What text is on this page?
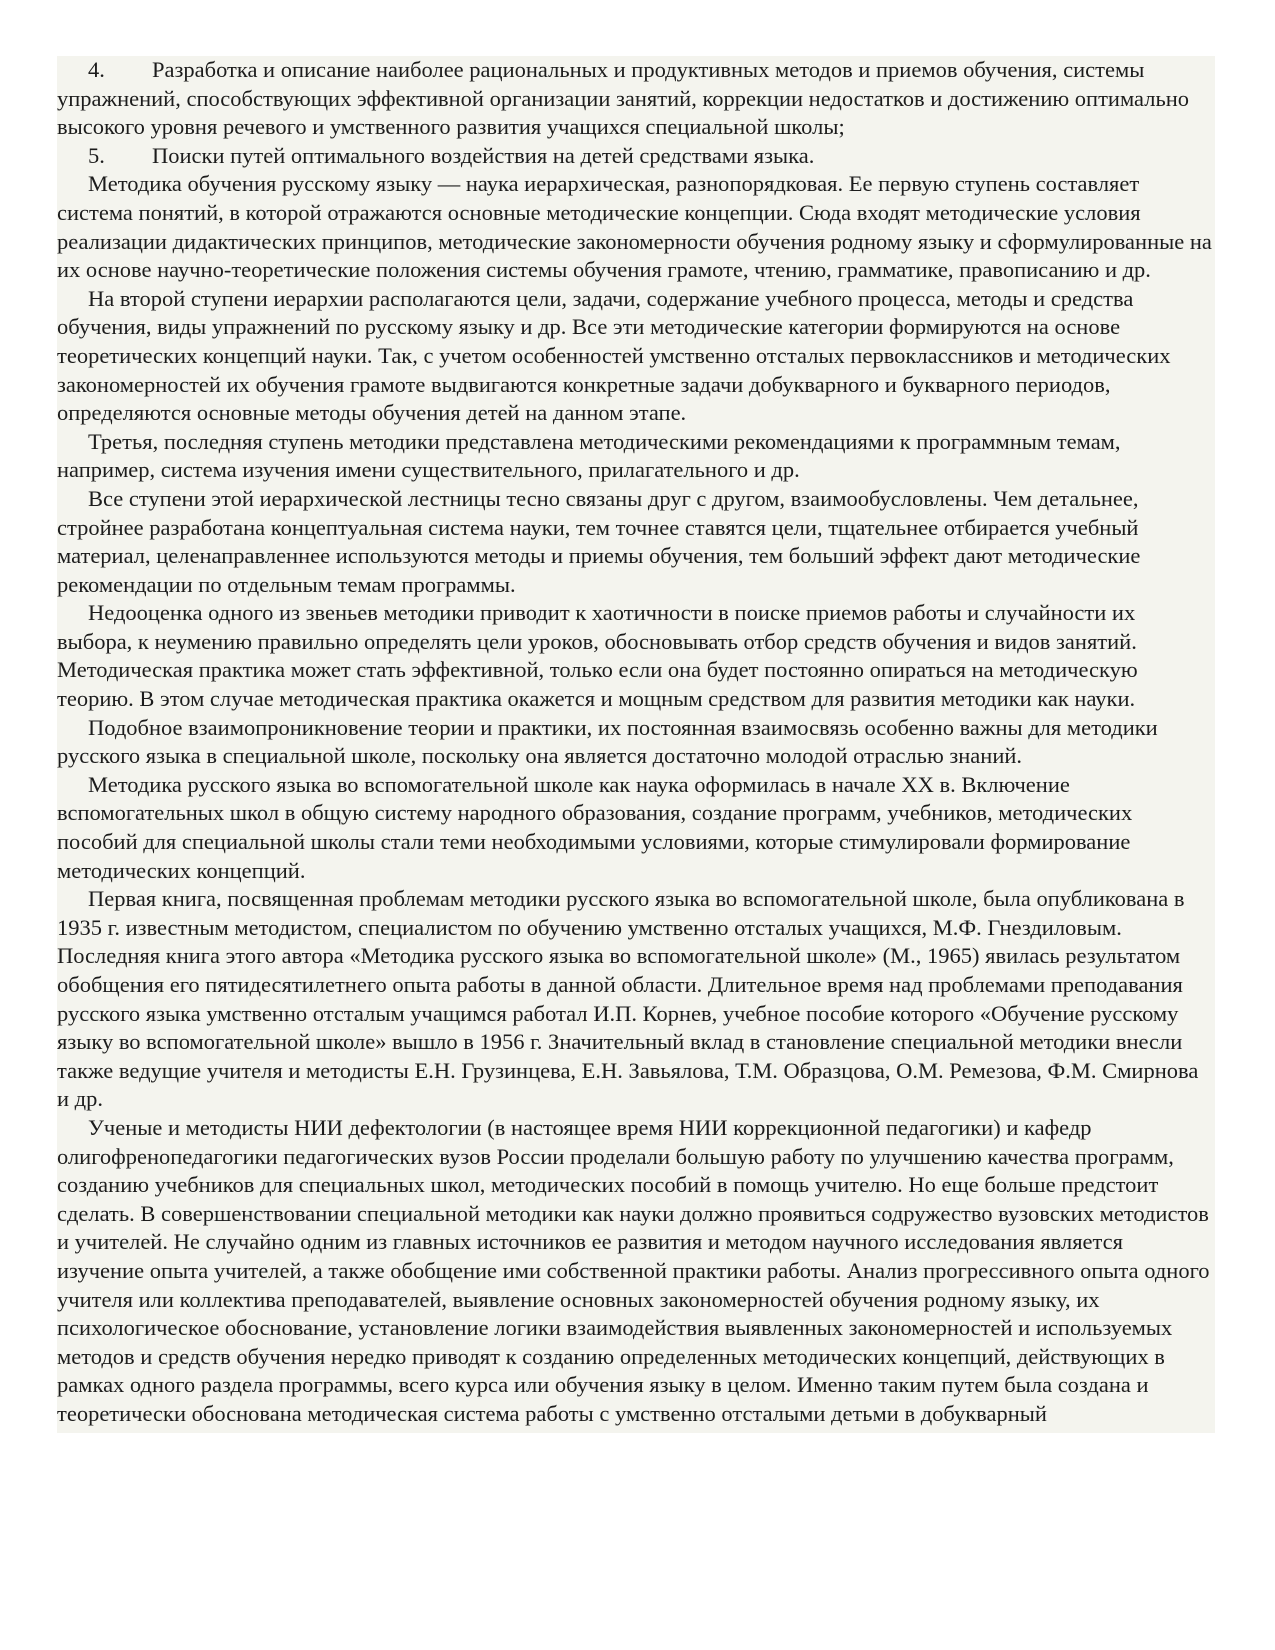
4. Разработка и описание наиболее рациональных и продуктивных методов и приемов обучения, системы упражнений, способствующих эффективной организации занятий, коррекции недостатков и достижению оптимально высокого уровня речевого и умственного развития учащихся специальной школы;
5. Поиски путей оптимального воздействия на детей средствами языка.

Методика обучения русскому языку — наука иерархическая, разнопорядковая. Ее первую ступень составляет система понятий, в которой отражаются основные методические концепции. Сюда входят методические условия реализации дидактических принципов, методические закономерности обучения родному языку и сформулированные на их основе научно-теоретические положения системы обучения грамоте, чтению, грамматике, правописанию и др.

На второй ступени иерархии располагаются цели, задачи, содержание учебного процесса, методы и средства обучения, виды упражнений по русскому языку и др. Все эти методические категории формируются на основе теоретических концепций науки. Так, с учетом особенностей умственно отсталых первоклассников и методических закономерностей их обучения грамоте выдвигаются конкретные задачи добукварного и букварного периодов, определяются основные методы обучения детей на данном этапе.

Третья, последняя ступень методики представлена методическими рекомендациями к программным темам, например, система изучения имени существительного, прилагательного и др.

Все ступени этой иерархической лестницы тесно связаны друг с другом, взаимообусловлены. Чем детальнее, стройнее разработана концептуальная система науки, тем точнее ставятся цели, тщательнее отбирается учебный материал, целенаправленнее используются методы и приемы обучения, тем больший эффект дают методические рекомендации по отдельным темам программы.

Недооценка одного из звеньев методики приводит к хаотичности в поиске приемов работы и случайности их выбора, к неумению правильно определять цели уроков, обосновывать отбор средств обучения и видов занятий. Методическая практика может стать эффективной, только если она будет постоянно опираться на методическую теорию. В этом случае методическая практика окажется и мощным средством для развития методики как науки.

Подобное взаимопроникновение теории и практики, их постоянная взаимосвязь особенно важны для методики русского языка в специальной школе, поскольку она является достаточно молодой отраслью знаний.

Методика русского языка во вспомогательной школе как наука оформилась в начале XX в. Включение вспомогательных школ в общую систему народного образования, создание программ, учебников, методических пособий для специальной школы стали теми необходимыми условиями, которые стимулировали формирование методических концепций.

Первая книга, посвященная проблемам методики русского языка во вспомогательной школе, была опубликована в 1935 г. известным методистом, специалистом по обучению умственно отсталых учащихся, М.Ф. Гнездиловым. Последняя книга этого автора «Методика русского языка во вспомогательной школе» (М., 1965) явилась результатом обобщения его пятидесятилетнего опыта работы в данной области. Длительное время над проблемами преподавания русского языка умственно отсталым учащимся работал И.П. Корнев, учебное пособие которого «Обучение русскому языку во вспомогательной школе» вышло в 1956 г. Значительный вклад в становление специальной методики внесли также ведущие учителя и методисты Е.Н. Грузинцева, Е.Н. Завьялова, Т.М. Образцова, О.М. Ремезова, Ф.М. Смирнова и др.

Ученые и методисты НИИ дефектологии (в настоящее время НИИ коррекционной педагогики) и кафедр олигофренопедагогики педагогических вузов России проделали большую работу по улучшению качества программ, созданию учебников для специальных школ, методических пособий в помощь учителю. Но еще больше предстоит сделать. В совершенствовании специальной методики как науки должно проявиться содружество вузовских методистов и учителей. Не случайно одним из главных источников ее развития и методом научного исследования является изучение опыта учителей, а также обобщение ими собственной практики работы. Анализ прогрессивного опыта одного учителя или коллектива преподавателей, выявление основных закономерностей обучения родному языку, их психологическое обоснование, установление логики взаимодействия выявленных закономерностей и используемых методов и средств обучения нередко приводят к созданию определенных методических концепций, действующих в рамках одного раздела программы, всего курса или обучения языку в целом. Именно таким путем была создана и теоретически обоснована методическая система работы с умственно отсталыми детьми в добукварный
